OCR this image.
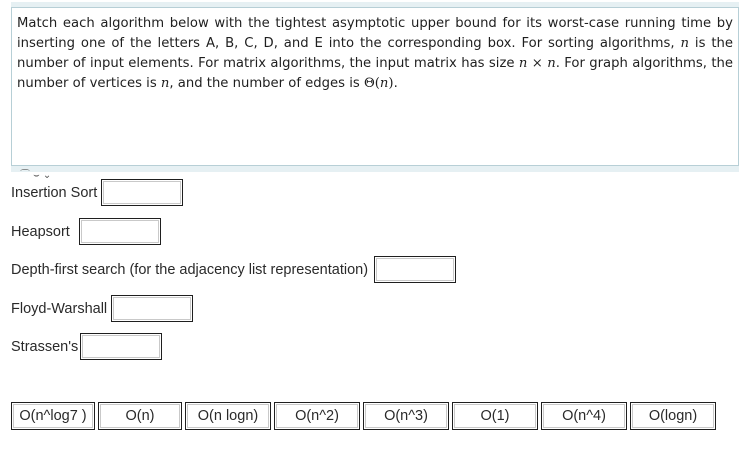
Match each algorithm below with the tightest asymptotic upper bound for its worst-case running time by inserting one of the letters A, B, C, D, and E into the corresponding box. For sorting algorithms, n is the number of input elements. For matrix algorithms, the input matrix has size n × n. For graph algorithms, the number of vertices is n, and the number of edges is Θ(n).
⌒ ⌣ ⌄
Insertion Sort
Heapsort
Depth-first search (for the adjacency list representation)
Floyd-Warshall
Strassen's
O(n^log7 )	O(n)	O(n logn)	O(n^2)	O(n^3)	O(1)	O(n^4)	O(logn)
